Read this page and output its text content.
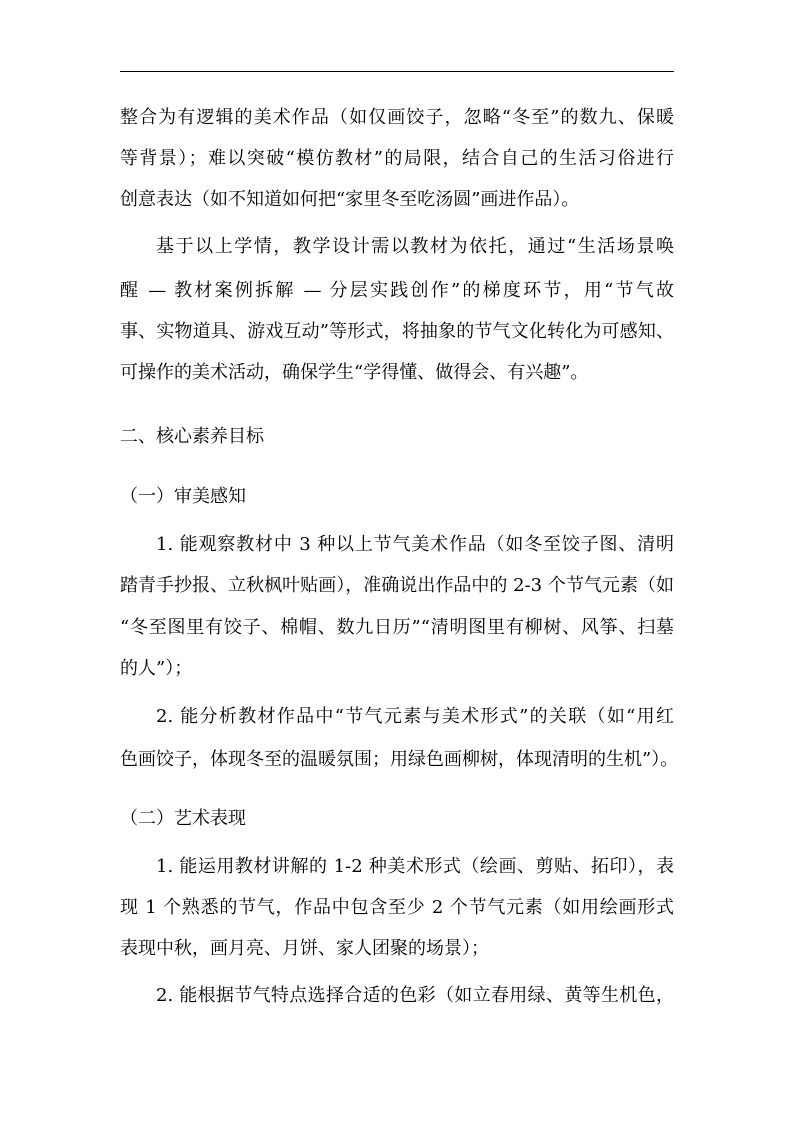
整合为有逻辑的美术作品（如仅画饺子，忽略“冬至”的数九、保暖
等背景）；难以突破“模仿教材”的局限，结合自己的生活习俗进行
创意表达（如不知道如何把“家里冬至吃汤圆”画进作品）。
基于以上学情，教学设计需以教材为依托，通过“生活场景唤
醒 — 教材案例拆解 — 分层实践创作”的梯度环节，用“节气故
事、实物道具、游戏互动”等形式，将抽象的节气文化转化为可感知、
可操作的美术活动，确保学生“学得懂、做得会、有兴趣”。
二、核心素养目标
（一）审美感知
1. 能观察教材中 3 种以上节气美术作品（如冬至饺子图、清明
踏青手抄报、立秋枫叶贴画），准确说出作品中的 2-3 个节气元素（如
“冬至图里有饺子、棉帽、数九日历”“清明图里有柳树、风筝、扫墓
的人”）；
2. 能分析教材作品中“节气元素与美术形式”的关联（如“用红
色画饺子，体现冬至的温暖氛围；用绿色画柳树，体现清明的生机”）。
（二）艺术表现
1. 能运用教材讲解的 1-2 种美术形式（绘画、剪贴、拓印），表
现 1 个熟悉的节气，作品中包含至少 2 个节气元素（如用绘画形式
表现中秋，画月亮、月饼、家人团聚的场景）；
2. 能根据节气特点选择合适的色彩（如立春用绿、黄等生机色，
